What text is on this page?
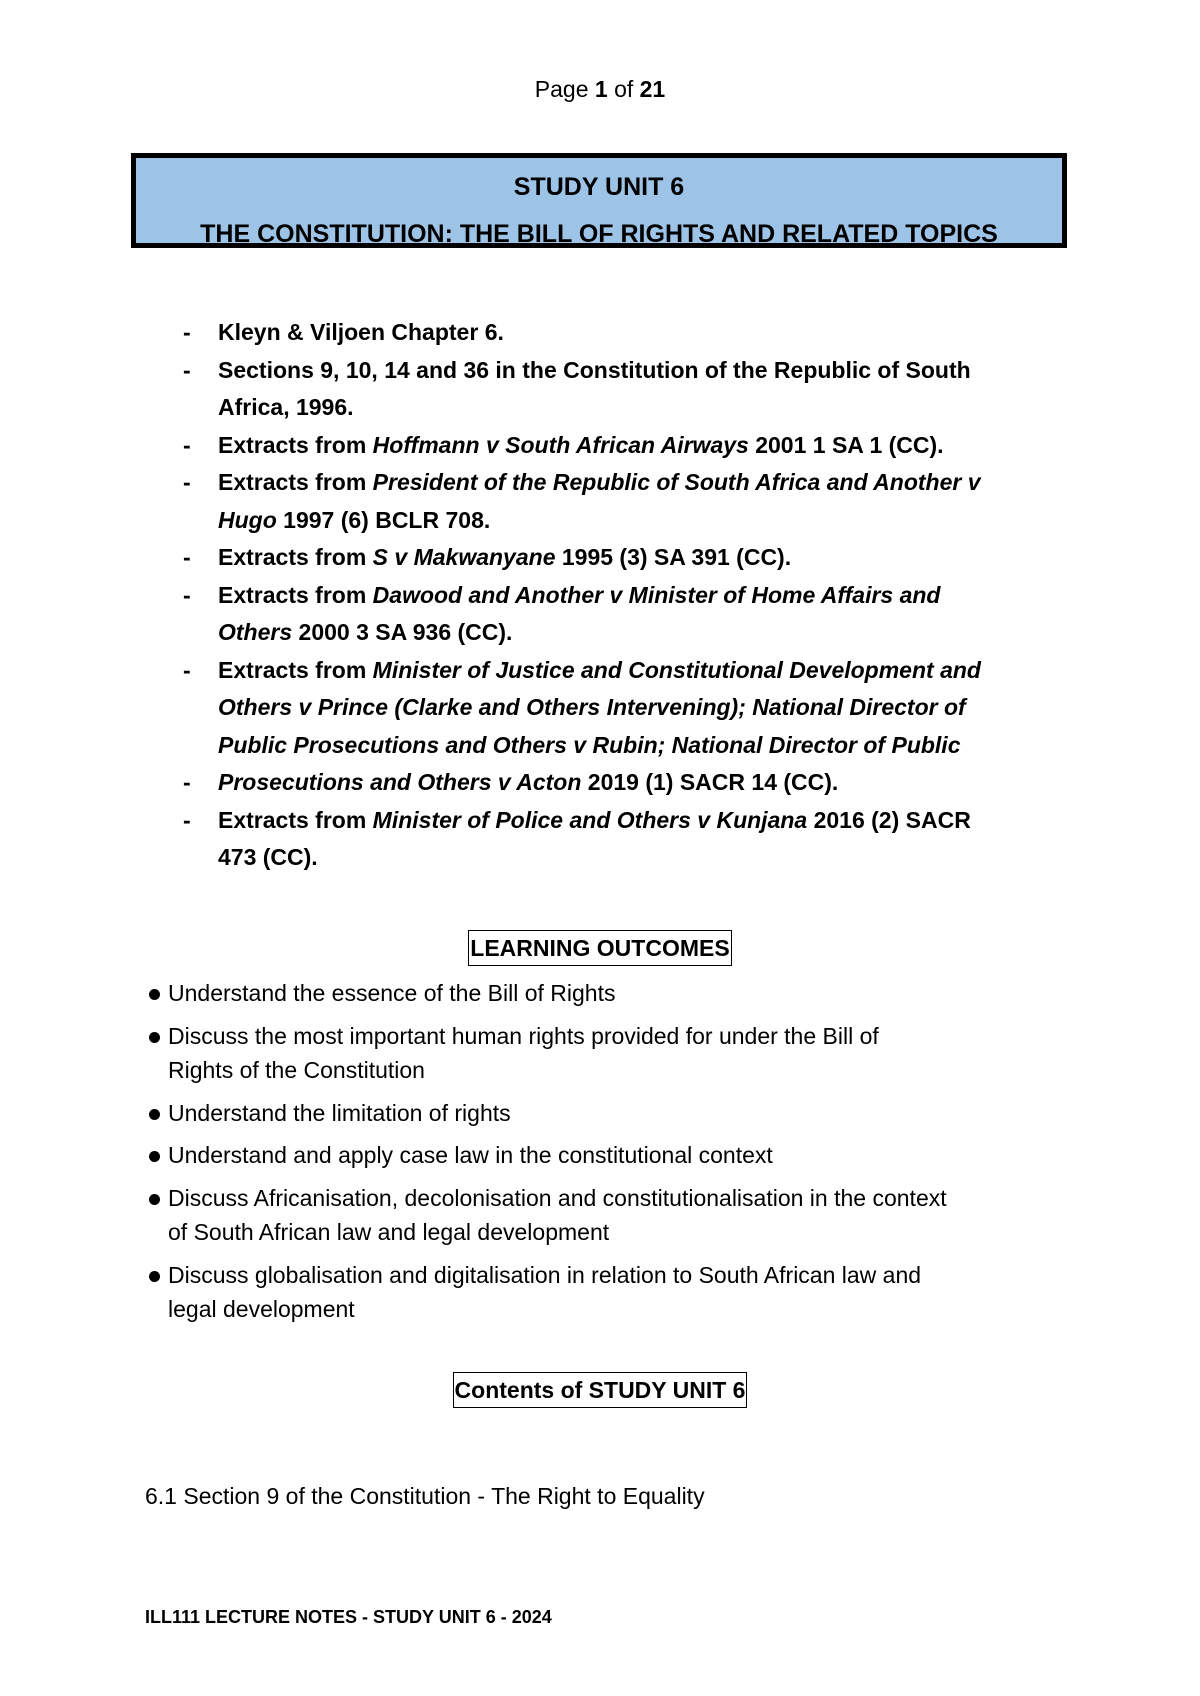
Page 1 of 21
STUDY UNIT 6
THE CONSTITUTION: THE BILL OF RIGHTS AND RELATED TOPICS
- Kleyn & Viljoen Chapter 6.
- Sections 9, 10, 14 and 36 in the Constitution of the Republic of South
Africa, 1996.
- Extracts from Hoffmann v South African Airways 2001 1 SA 1 (CC).
- Extracts from President of the Republic of South Africa and Another v
Hugo 1997 (6) BCLR 708.
- Extracts from S v Makwanyane 1995 (3) SA 391 (CC).
- Extracts from Dawood and Another v Minister of Home Affairs and
Others 2000 3 SA 936 (CC).
- Extracts from Minister of Justice and Constitutional Development and
Others v Prince (Clarke and Others Intervening); National Director of
Public Prosecutions and Others v Rubin; National Director of Public
- Prosecutions and Others v Acton 2019 (1) SACR 14 (CC).
- Extracts from Minister of Police and Others v Kunjana 2016 (2) SACR
473 (CC).
LEARNING OUTCOMES
Understand the essence of the Bill of Rights
Discuss the most important human rights provided for under the Bill of
Rights of the Constitution
Understand the limitation of rights
Understand and apply case law in the constitutional context
Discuss Africanisation, decolonisation and constitutionalisation in the context
of South African law and legal development
Discuss globalisation and digitalisation in relation to South African law and
legal development
Contents of STUDY UNIT 6
6.1 Section 9 of the Constitution - The Right to Equality
ILL111 LECTURE NOTES - STUDY UNIT 6 - 2024
